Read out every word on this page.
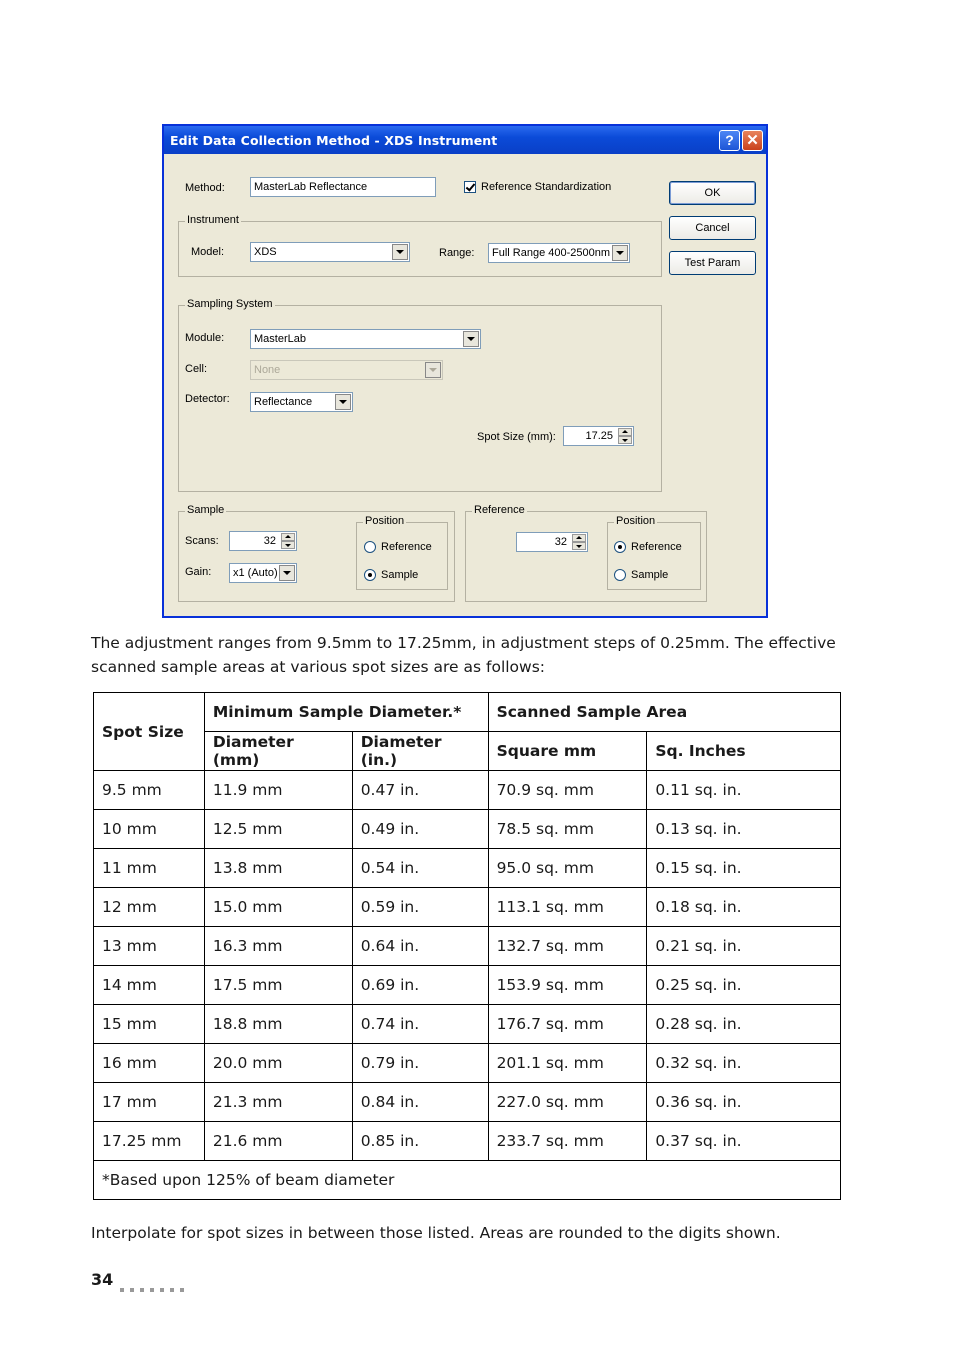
Edit Data Collection Method - XDS Instrument	? ✕
Method:	MasterLab Reflectance	Reference Standardization	OK
Cancel
Test Param
Instrument
Model:	XDS	Range:	Full Range 400-2500nm
Sampling System
Module:	MasterLab
Cell:	None
Detector:	Reflectance
Spot Size (mm):	17.25
Sample
Scans:	32
Gain:	x1 (Auto)
Position
Reference
Sample
Reference
32
Position
Reference
Sample
The adjustment ranges from 9.5mm to 17.25mm, in adjustment steps of 0.25mm. The effective
scanned sample areas at various spot sizes are as follows:
Spot Size	Minimum Sample Diameter.*		Scanned Sample Area	
	Diameter (mm)	Diameter (in.)	Square mm	Sq. Inches
9.5 mm	11.9 mm	0.47 in.	70.9 sq. mm	0.11 sq. in.
10 mm	12.5 mm	0.49 in.	78.5 sq. mm	0.13 sq. in.
11 mm	13.8 mm	0.54 in.	95.0 sq. mm	0.15 sq. in.
12 mm	15.0 mm	0.59 in.	113.1 sq. mm	0.18 sq. in.
13 mm	16.3 mm	0.64 in.	132.7 sq. mm	0.21 sq. in.
14 mm	17.5 mm	0.69 in.	153.9 sq. mm	0.25 sq. in.
15 mm	18.8 mm	0.74 in.	176.7 sq. mm	0.28 sq. in.
16 mm	20.0 mm	0.79 in.	201.1 sq. mm	0.32 sq. in.
17 mm	21.3 mm	0.84 in.	227.0 sq. mm	0.36 sq. in.
17.25 mm	21.6 mm	0.85 in.	233.7 sq. mm	0.37 sq. in.
*Based upon 125% of beam diameter				
Interpolate for spot sizes in between those listed. Areas are rounded to the digits shown.
34
